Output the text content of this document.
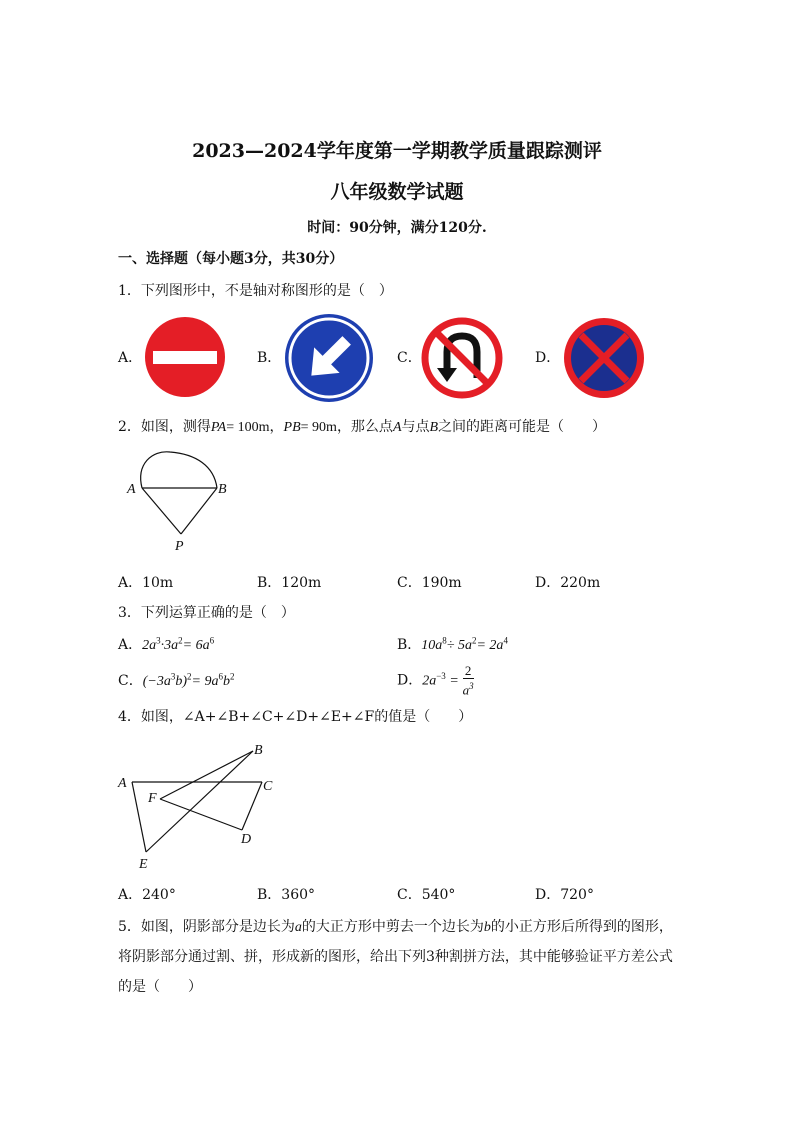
2023—2024学年度第一学期教学质量跟踪测评
八年级数学试题
时间：90分钟，满分120分.
一、选择题（每小题3分，共30分）
1．下列图形中，不是轴对称图形的是（　）
A．	B．	C．	D．
2．如图，测得PA= 100m，PB= 90m，那么点A与点B之间的距离可能是（　　）
A	B
P
A．10m	B．120m	C．190m	D．220m
3．下列运算正确的是（　）
A．$2a^3\cdot 3a^2= 6a^6$	B．$10a^8\div 5a^2= 2a^4$
C．$(-3a^3b)^2= 9a^6b^2$	D．$2a^{-3} = \frac{2}{a^3}$
4．如图，∠A+∠B+∠C+∠D+∠E+∠F的值是（　　）
A
B
C
D
E
F
A．240°	B．360°	C．540°	D．720°
5．如图，阴影部分是边长为a的大正方形中剪去一个边长为b的小正方形后所得到的图形，
将阴影部分通过割、拼，形成新的图形，给出下列3种割拼方法，其中能够验证平方差公式
的是（　　）
